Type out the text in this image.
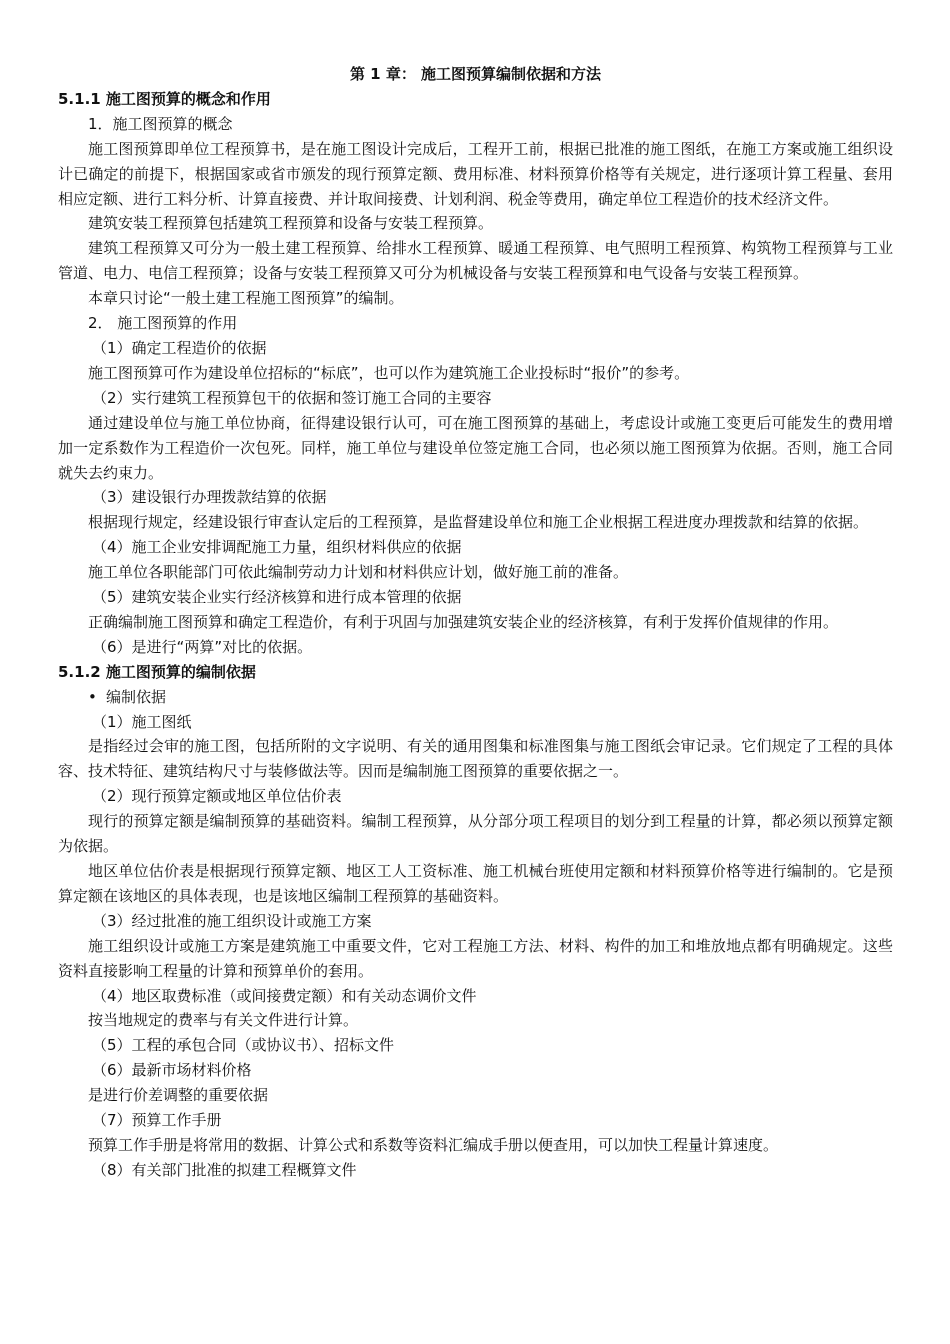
第 1 章： 施工图预算编制依据和方法
5.1.1 施工图预算的概念和作用
1．施工图预算的概念
施工图预算即单位工程预算书，是在施工图设计完成后，工程开工前，根据已批准的施工图纸，在施工方案或施工组织设计已确定的前提下，根据国家或省市颁发的现行预算定额、费用标准、材料预算价格等有关规定，进行逐项计算工程量、套用相应定额、进行工料分析、计算直接费、并计取间接费、计划利润、税金等费用，确定单位工程造价的技术经济文件。
建筑安装工程预算包括建筑工程预算和设备与安装工程预算。
建筑工程预算又可分为一般土建工程预算、给排水工程预算、暖通工程预算、电气照明工程预算、构筑物工程预算与工业管道、电力、电信工程预算；设备与安装工程预算又可分为机械设备与安装工程预算和电气设备与安装工程预算。
本章只讨论“一般土建工程施工图预算”的编制。
2． 施工图预算的作用
（1）确定工程造价的依据
施工图预算可作为建设单位招标的“标底”，也可以作为建筑施工企业投标时“报价”的参考。
（2）实行建筑工程预算包干的依据和签订施工合同的主要容
通过建设单位与施工单位协商，征得建设银行认可，可在施工图预算的基础上，考虑设计或施工变更后可能发生的费用增加一定系数作为工程造价一次包死。同样，施工单位与建设单位签定施工合同，也必须以施工图预算为依据。否则，施工合同就失去约束力。
（3）建设银行办理拨款结算的依据
根据现行规定，经建设银行审查认定后的工程预算，是监督建设单位和施工企业根据工程进度办理拨款和结算的依据。
（4）施工企业安排调配施工力量，组织材料供应的依据
施工单位各职能部门可依此编制劳动力计划和材料供应计划，做好施工前的准备。
（5）建筑安装企业实行经济核算和进行成本管理的依据
正确编制施工图预算和确定工程造价，有利于巩固与加强建筑安装企业的经济核算，有利于发挥价值规律的作用。
（6）是进行“两算”对比的依据。
5.1.2 施工图预算的编制依据
• 编制依据
（1）施工图纸
是指经过会审的施工图，包括所附的文字说明、有关的通用图集和标准图集与施工图纸会审记录。它们规定了工程的具体容、技术特征、建筑结构尺寸与装修做法等。因而是编制施工图预算的重要依据之一。
（2）现行预算定额或地区单位估价表
现行的预算定额是编制预算的基础资料。编制工程预算，从分部分项工程项目的划分到工程量的计算，都必须以预算定额为依据。
地区单位估价表是根据现行预算定额、地区工人工资标准、施工机械台班使用定额和材料预算价格等进行编制的。它是预算定额在该地区的具体表现，也是该地区编制工程预算的基础资料。
（3）经过批准的施工组织设计或施工方案
施工组织设计或施工方案是建筑施工中重要文件，它对工程施工方法、材料、构件的加工和堆放地点都有明确规定。这些资料直接影响工程量的计算和预算单价的套用。
（4）地区取费标准（或间接费定额）和有关动态调价文件
按当地规定的费率与有关文件进行计算。
（5）工程的承包合同（或协议书）、招标文件
（6）最新市场材料价格
是进行价差调整的重要依据
（7）预算工作手册
预算工作手册是将常用的数据、计算公式和系数等资料汇编成手册以便查用，可以加快工程量计算速度。
（8）有关部门批准的拟建工程概算文件
